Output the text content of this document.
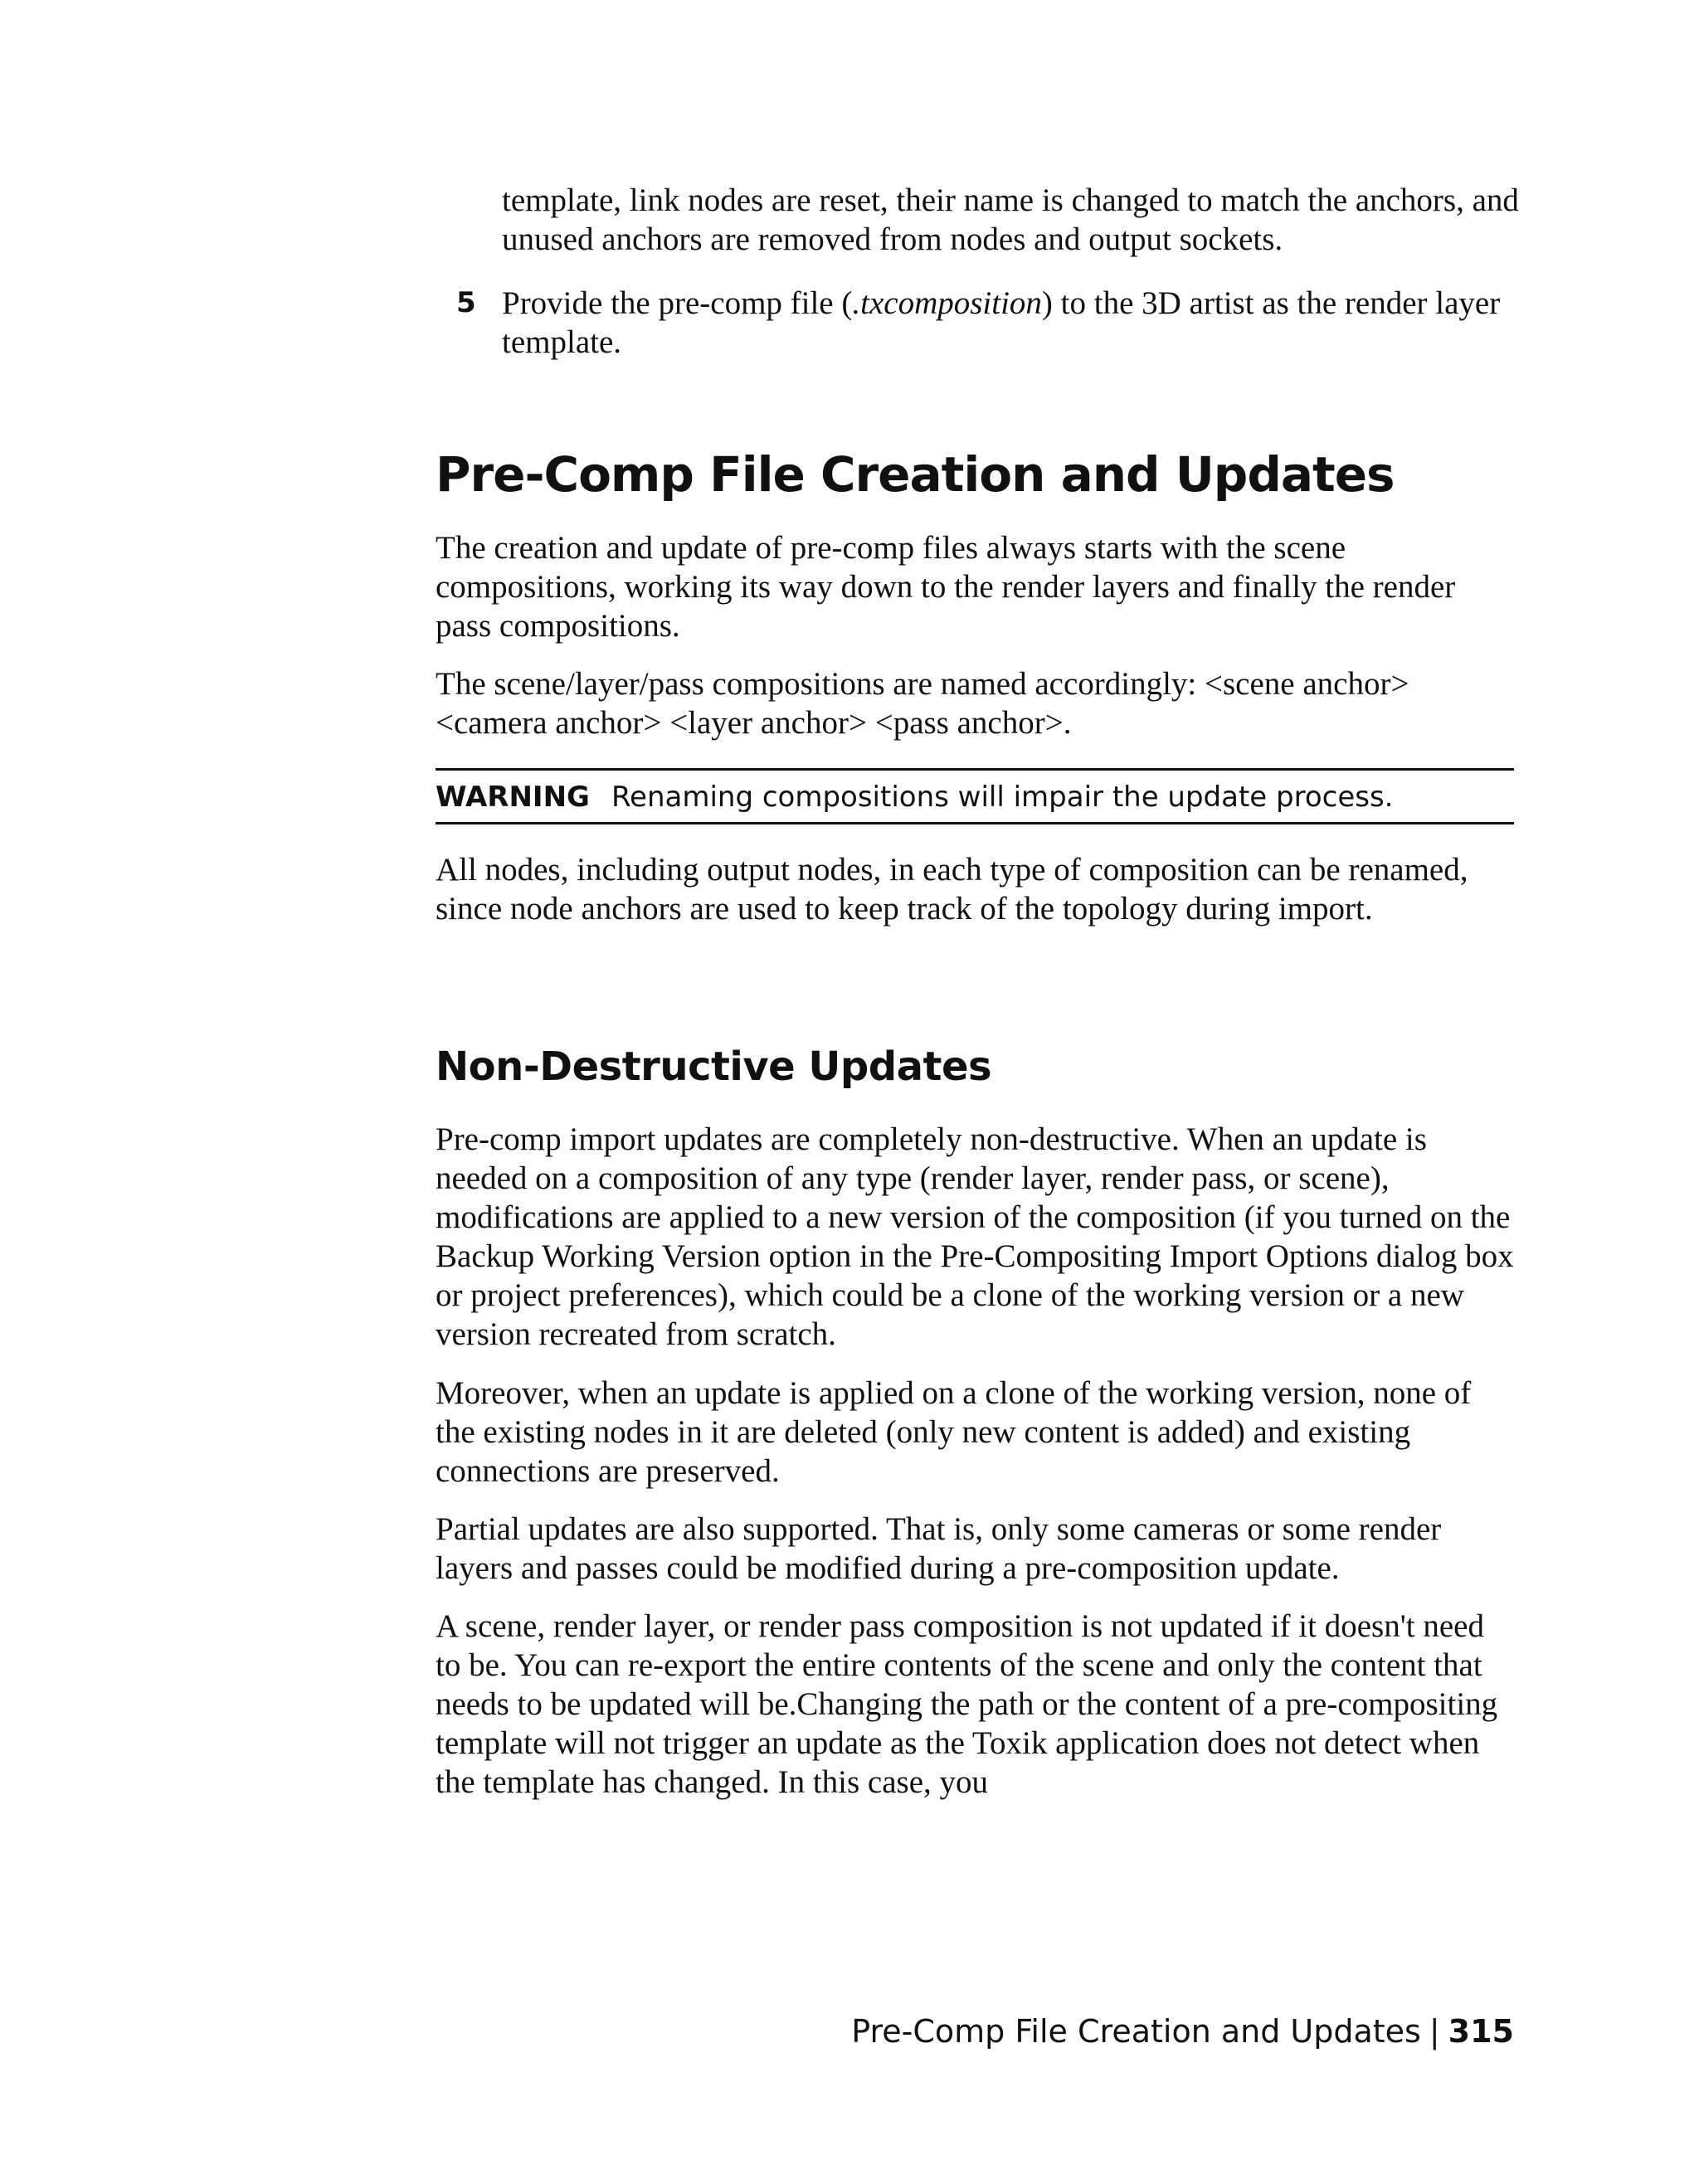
template, link nodes are reset, their name is changed to match the anchors, and unused anchors are removed from nodes and output sockets.

5 Provide the pre-comp file (.txcomposition) to the 3D artist as the render layer template.

Pre-Comp File Creation and Updates

The creation and update of pre-comp files always starts with the scene compositions, working its way down to the render layers and finally the render pass compositions.

The scene/layer/pass compositions are named accordingly: <scene anchor> <camera anchor> <layer anchor> <pass anchor>.

WARNING Renaming compositions will impair the update process.

All nodes, including output nodes, in each type of composition can be renamed, since node anchors are used to keep track of the topology during import.

Non-Destructive Updates

Pre-comp import updates are completely non-destructive. When an update is needed on a composition of any type (render layer, render pass, or scene), modifications are applied to a new version of the composition (if you turned on the Backup Working Version option in the Pre-Compositing Import Options dialog box or project preferences), which could be a clone of the working version or a new version recreated from scratch.

Moreover, when an update is applied on a clone of the working version, none of the existing nodes in it are deleted (only new content is added) and existing connections are preserved.

Partial updates are also supported. That is, only some cameras or some render layers and passes could be modified during a pre-composition update.

A scene, render layer, or render pass composition is not updated if it doesn't need to be. You can re-export the entire contents of the scene and only the content that needs to be updated will be.Changing the path or the content of a pre-compositing template will not trigger an update as the Toxik application does not detect when the template has changed. In this case, you

Pre-Comp File Creation and Updates | 315
